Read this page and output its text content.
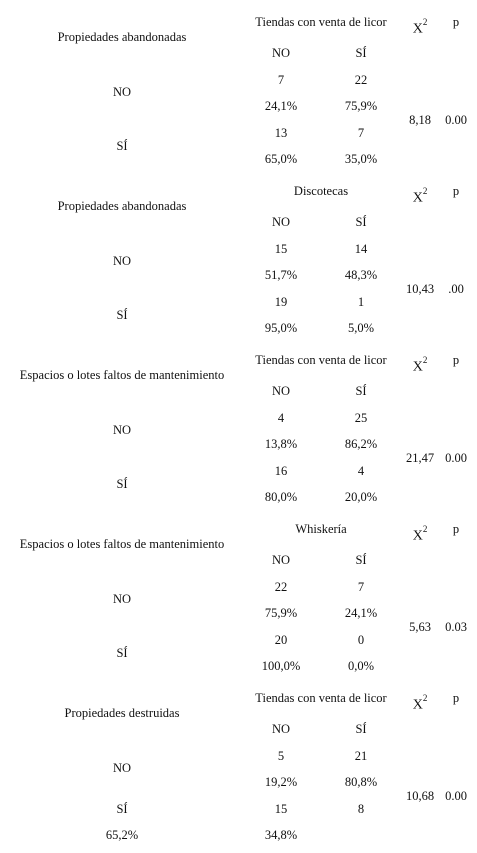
Propiedades abandonadas
Tiendas con venta de licor $X^2$ p
NO	SÍ
NO
7	22
24,1%	75,9%
SÍ
13	7
65,0%	35,0%
8,18 0.00
Propiedades abandonadas
Discotecas	$X^2$ p
NO	SÍ
NO
15	14
51,7%	48,3%
SÍ
19	1
95,0%	5,0%
10,43 .00
Espacios o lotes faltos de mantenimiento
Tiendas con venta de licor $X^2$ p
NO	SÍ
NO
4	25
13,8%	86,2%
SÍ
16	4
80,0%	20,0%
21,47 0.00
Espacios o lotes faltos de mantenimiento
Whiskería	$X^2$ p
NO	SÍ
NO
22	7
75,9%	24,1%
SÍ
20	0
100,0%	0,0%
5,63 0.03
Propiedades destruidas
Tiendas con venta de licor $X^2$ p
NO	SÍ
NO
5	21
19,2%	80,8%
SÍ	15	8
65,2%	34,8%
10,68 0.00
